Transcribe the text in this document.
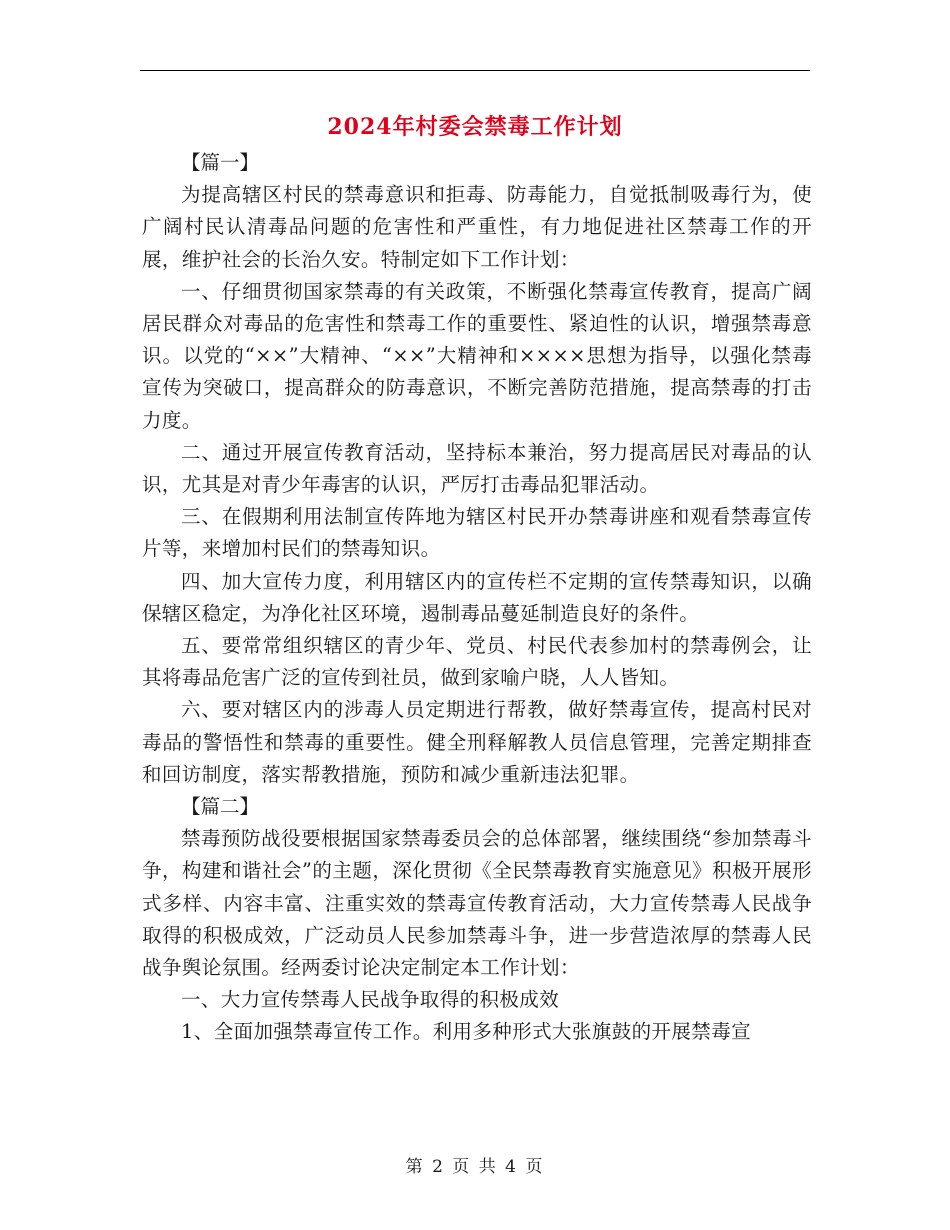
2024年村委会禁毒工作计划

【篇一】

为提高辖区村民的禁毒意识和拒毒、防毒能力，自觉抵制吸毒行为，使广阔村民认清毒品问题的危害性和严重性，有力地促进社区禁毒工作的开展，维护社会的长治久安。特制定如下工作计划：

一、仔细贯彻国家禁毒的有关政策，不断强化禁毒宣传教育，提高广阔居民群众对毒品的危害性和禁毒工作的重要性、紧迫性的认识，增强禁毒意识。以党的“××”大精神、“××”大精神和××××思想为指导，以强化禁毒宣传为突破口，提高群众的防毒意识，不断完善防范措施，提高禁毒的打击力度。

二、通过开展宣传教育活动，坚持标本兼治，努力提高居民对毒品的认识，尤其是对青少年毒害的认识，严厉打击毒品犯罪活动。

三、在假期利用法制宣传阵地为辖区村民开办禁毒讲座和观看禁毒宣传片等，来增加村民们的禁毒知识。

四、加大宣传力度，利用辖区内的宣传栏不定期的宣传禁毒知识，以确保辖区稳定，为净化社区环境，遏制毒品蔓延制造良好的条件。

五、要常常组织辖区的青少年、党员、村民代表参加村的禁毒例会，让其将毒品危害广泛的宣传到社员，做到家喻户晓，人人皆知。

六、要对辖区内的涉毒人员定期进行帮教，做好禁毒宣传，提高村民对毒品的警悟性和禁毒的重要性。健全刑释解教人员信息管理，完善定期排查和回访制度，落实帮教措施，预防和减少重新违法犯罪。

【篇二】

禁毒预防战役要根据国家禁毒委员会的总体部署，继续围绕“参加禁毒斗争，构建和谐社会”的主题，深化贯彻《全民禁毒教育实施意见》积极开展形式多样、内容丰富、注重实效的禁毒宣传教育活动，大力宣传禁毒人民战争取得的积极成效，广泛动员人民参加禁毒斗争，进一步营造浓厚的禁毒人民战争舆论氛围。经两委讨论决定制定本工作计划：

一、大力宣传禁毒人民战争取得的积极成效

1、全面加强禁毒宣传工作。利用多种形式大张旗鼓的开展禁毒宣

第 2 页 共 4 页
